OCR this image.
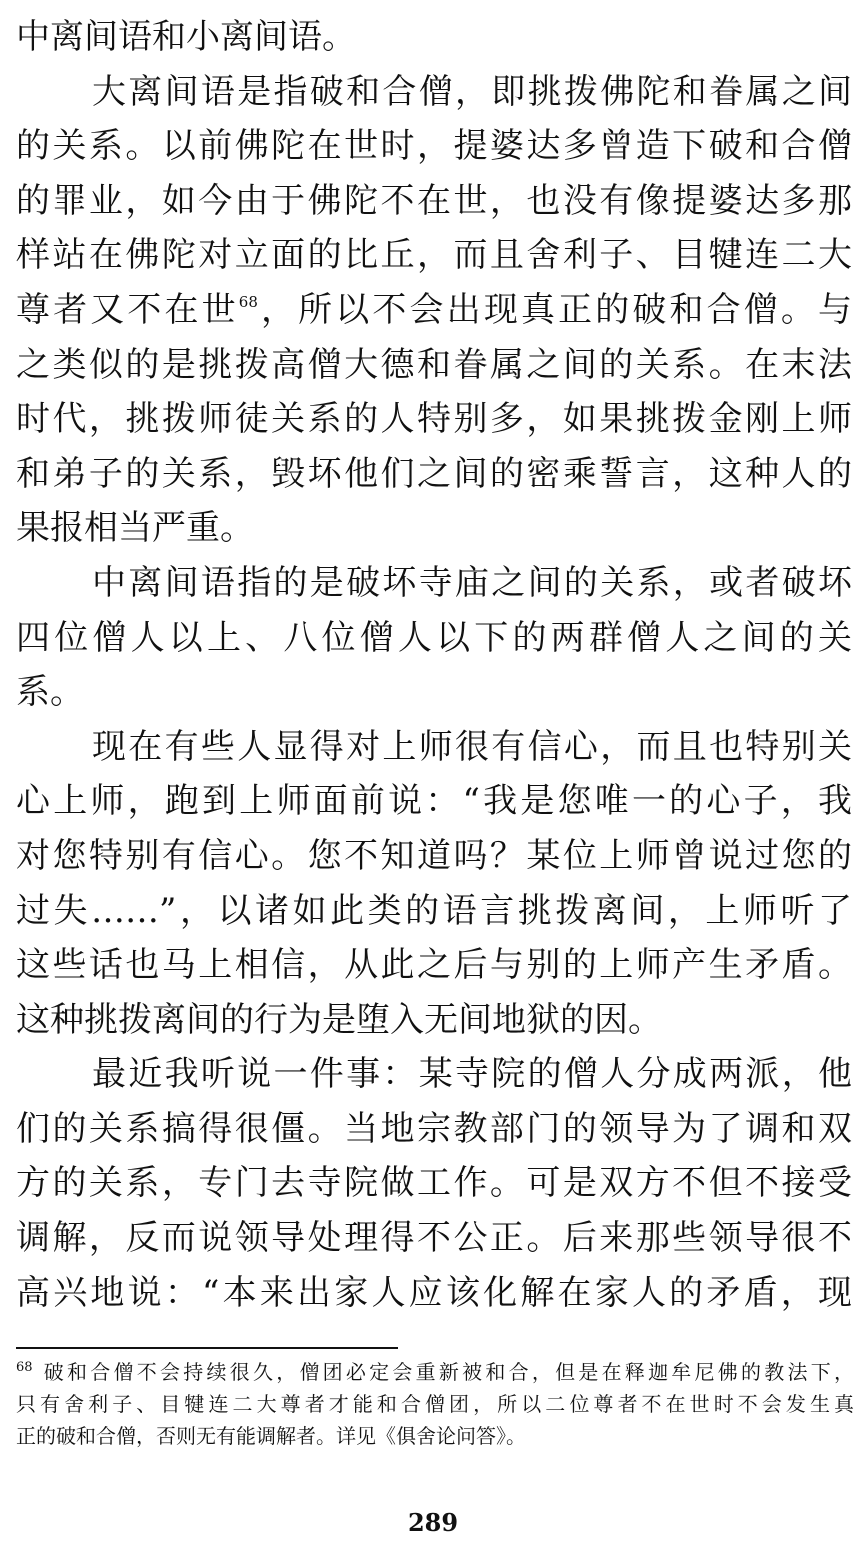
中离间语和小离间语。
大离间语是指破和合僧，即挑拨佛陀和眷属之间
的关系。以前佛陀在世时，提婆达多曾造下破和合僧
的罪业，如今由于佛陀不在世，也没有像提婆达多那
样站在佛陀对立面的比丘，而且舍利子、目犍连二大
尊者又不在世$^{68}$，所以不会出现真正的破和合僧。与
之类似的是挑拨高僧大德和眷属之间的关系。在末法
时代，挑拨师徒关系的人特别多，如果挑拨金刚上师
和弟子的关系，毁坏他们之间的密乘誓言，这种人的
果报相当严重。
中离间语指的是破坏寺庙之间的关系，或者破坏
四位僧人以上、八位僧人以下的两群僧人之间的关
系。
现在有些人显得对上师很有信心，而且也特别关
心上师，跑到上师面前说：“我是您唯一的心子，我
对您特别有信心。您不知道吗？某位上师曾说过您的
过失……”，以诸如此类的语言挑拨离间，上师听了
这些话也马上相信，从此之后与别的上师产生矛盾。
这种挑拨离间的行为是堕入无间地狱的因。
最近我听说一件事：某寺院的僧人分成两派，他
们的关系搞得很僵。当地宗教部门的领导为了调和双
方的关系，专门去寺院做工作。可是双方不但不接受
调解，反而说领导处理得不公正。后来那些领导很不
高兴地说：“本来出家人应该化解在家人的矛盾，现
$^{68}$ 破和合僧不会持续很久，僧团必定会重新被和合，但是在释迦牟尼佛的教法下，
只有舍利子、目犍连二大尊者才能和合僧团，所以二位尊者不在世时不会发生真
正的破和合僧，否则无有能调解者。详见《俱舍论问答》。
289
